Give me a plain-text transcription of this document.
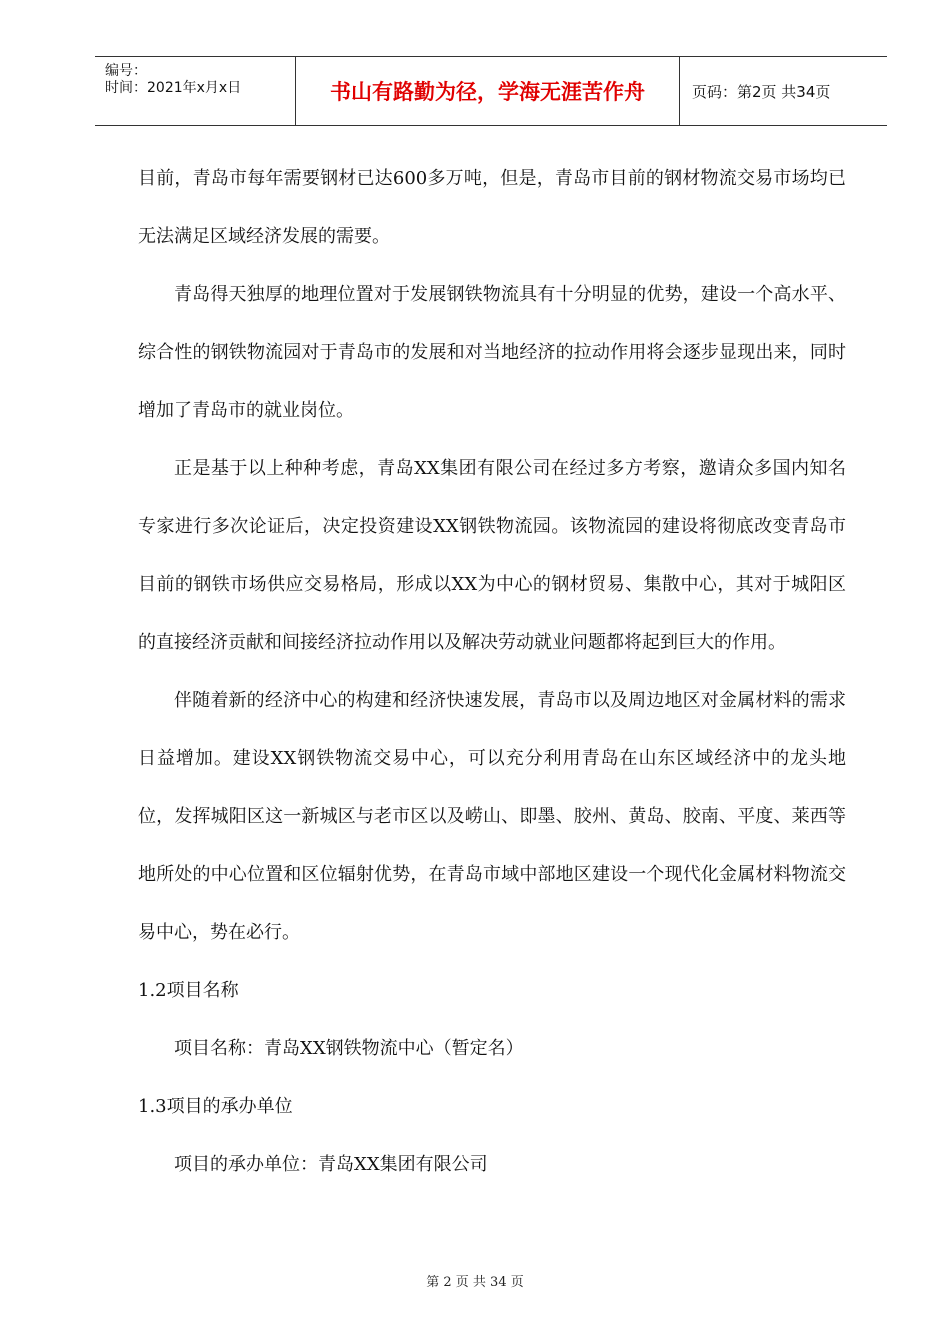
编号：
时间：2021年x月x日	书山有路勤为径，学海无涯苦作舟	页码：第2页 共34页

目前，青岛市每年需要钢材已达600多万吨，但是，青岛市目前的钢材物流交易市场均已无法满足区域经济发展的需要。

青岛得天独厚的地理位置对于发展钢铁物流具有十分明显的优势，建设一个高水平、综合性的钢铁物流园对于青岛市的发展和对当地经济的拉动作用将会逐步显现出来，同时增加了青岛市的就业岗位。

正是基于以上种种考虑，青岛XX集团有限公司在经过多方考察，邀请众多国内知名专家进行多次论证后，决定投资建设XX钢铁物流园。该物流园的建设将彻底改变青岛市目前的钢铁市场供应交易格局，形成以XX为中心的钢材贸易、集散中心，其对于城阳区的直接经济贡献和间接经济拉动作用以及解决劳动就业问题都将起到巨大的作用。

伴随着新的经济中心的构建和经济快速发展，青岛市以及周边地区对金属材料的需求日益增加。建设XX钢铁物流交易中心，可以充分利用青岛在山东区域经济中的龙头地位，发挥城阳区这一新城区与老市区以及崂山、即墨、胶州、黄岛、胶南、平度、莱西等地所处的中心位置和区位辐射优势，在青岛市域中部地区建设一个现代化金属材料物流交易中心，势在必行。

1.2项目名称

项目名称：青岛XX钢铁物流中心（暂定名）

1.3项目的承办单位

项目的承办单位：青岛XX集团有限公司

第 2 页 共 34 页
